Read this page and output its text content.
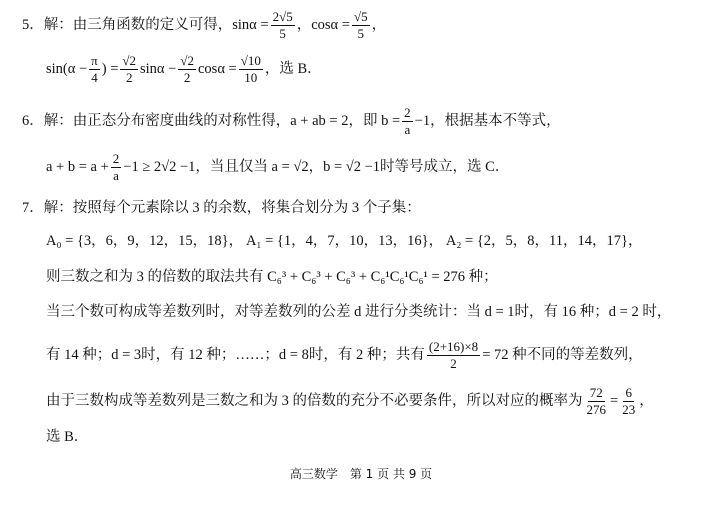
5．解：由三角函数的定义可得，$\sin\alpha = \frac{2√5}{5}$ ，$\cos\alpha = \frac{√5}{5}$ ，
$\sin(\alpha - \frac{\pi}{4}$ ) = $\frac{√2}{2}$ $\sin\alpha - \frac{√2}{2}$ $\cos\alpha = \frac{√10}{10}$ ，选 B．
6．解：由正态分布密度曲线的对称性得，a + ab = 2，即 $b = \frac{2}{a} -1$，根据基本不等式，
$a + b = a + \frac{2}{a} -1 \ge 2√2 -1$，当且仅当 a = √2，b = √2 −1时等号成立，选 C．
7．解：按照每个元素除以 3 的余数，将集合划分为 3 个子集：
A₀ = {3，6，9，12，15，18}， A₁ = {1，4，7，10，13，16}， A₂ = {2，5，8，11，14，17}，
则三数之和为 3 的倍数的取法共有 C₆³ + C₆³ + C₆³ + C₆¹C₆¹C₆¹ = 276 种；
当三个数可构成等差数列时，对等差数列的公差 d 进行分类统计：当 d = 1时，有 16 种；d = 2 时，
有 14 种；d = 3时，有 12 种；……；d = 8时，有 2 种；共有 $\frac{(2+16)\times 8}{2} = 72$ 种不同的等差数列，
由于三数构成等差数列是三数之和为 3 的倍数的充分不必要条件，所以对应的概率为 $\frac{72}{276} = \frac{6}{23}$ ，
选 B．
高三数学　第 1 页 共 9 页
